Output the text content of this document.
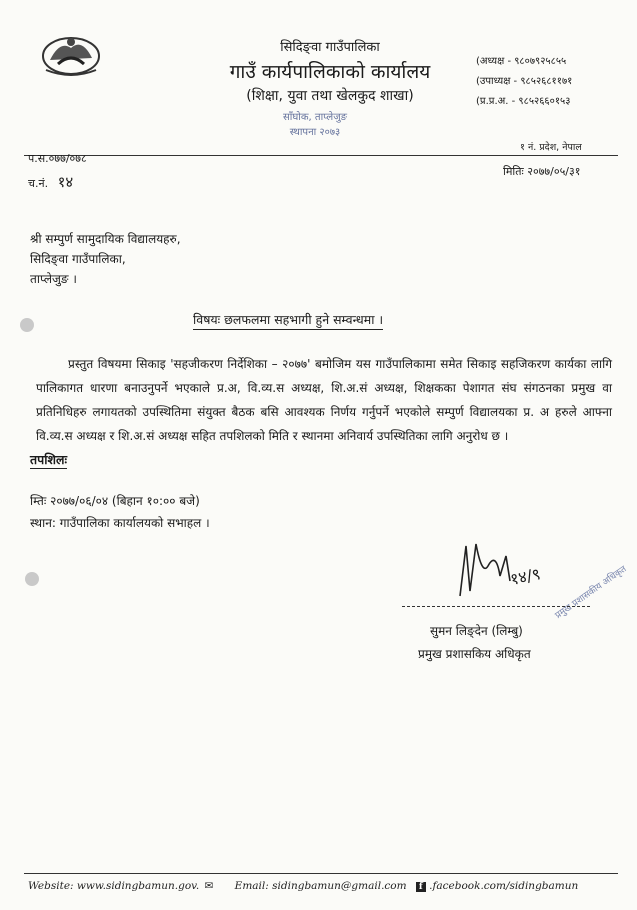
सिदिङ्वा गाउँपालिका
गाउँ कार्यपालिकाको कार्यालय
(शिक्षा, युवा तथा खेलकुद शाखा)
साँघोक, ताप्लेजुङ
स्थापना २०७३
(अध्यक्ष - ९८०७९२५८५५
(उपाध्यक्ष - ९८५२६८११७१
(प्र.प्र.अ. - ९८५२६६०१५३
१ नं. प्रदेश, नेपाल
प.स.०७७/०७८
च.नं. १४
मितिः २०७७/०५/३१
श्री सम्पुर्ण सामुदायिक विद्यालयहरु,
सिदिङ्वा गाउँपालिका,
ताप्लेजुङ ।
विषयः छलफलमा सहभागी हुने सम्वन्धमा ।
प्रस्तुत विषयमा सिकाइ 'सहजीकरण निर्देशिका – २०७७' बमोजिम यस गाउँपालिकामा समेत सिकाइ सहजिकरण कार्यका लागि पालिकागत धारणा बनाउनुपर्ने भएकाले प्र.अ, वि.व्य.स अध्यक्ष, शि.अ.सं अध्यक्ष, शिक्षकका पेशागत संघ संगठनका प्रमुख वा प्रतिनिधिहरु लगायतको उपस्थितिमा संयुक्त बैठक बसि आवश्यक निर्णय गर्नुपर्ने भएकोले सम्पुर्ण विद्यालयका प्र. अ हरुले आफ्ना वि.व्य.स अध्यक्ष र शि.अ.सं अध्यक्ष सहित तपशिलको मिति र स्थानमा अनिवार्य उपस्थितिका लागि अनुरोध छ ।
तपशिलः
म्तिः २०७७/०६/०४ (बिहान १०:०० बजे)
स्थान: गाउँपालिका कार्यालयको सभाहल ।
१४/९ प्रमुख प्रशासकीय अधिकृत
सुमन लिङ्देन (लिम्बु)
प्रमुख प्रशासकिय अधिकृत
Website: www.sidingbamun.gov. ✉ Email: sidingbamun@gmail.com f .facebook.com/sidingbamun
